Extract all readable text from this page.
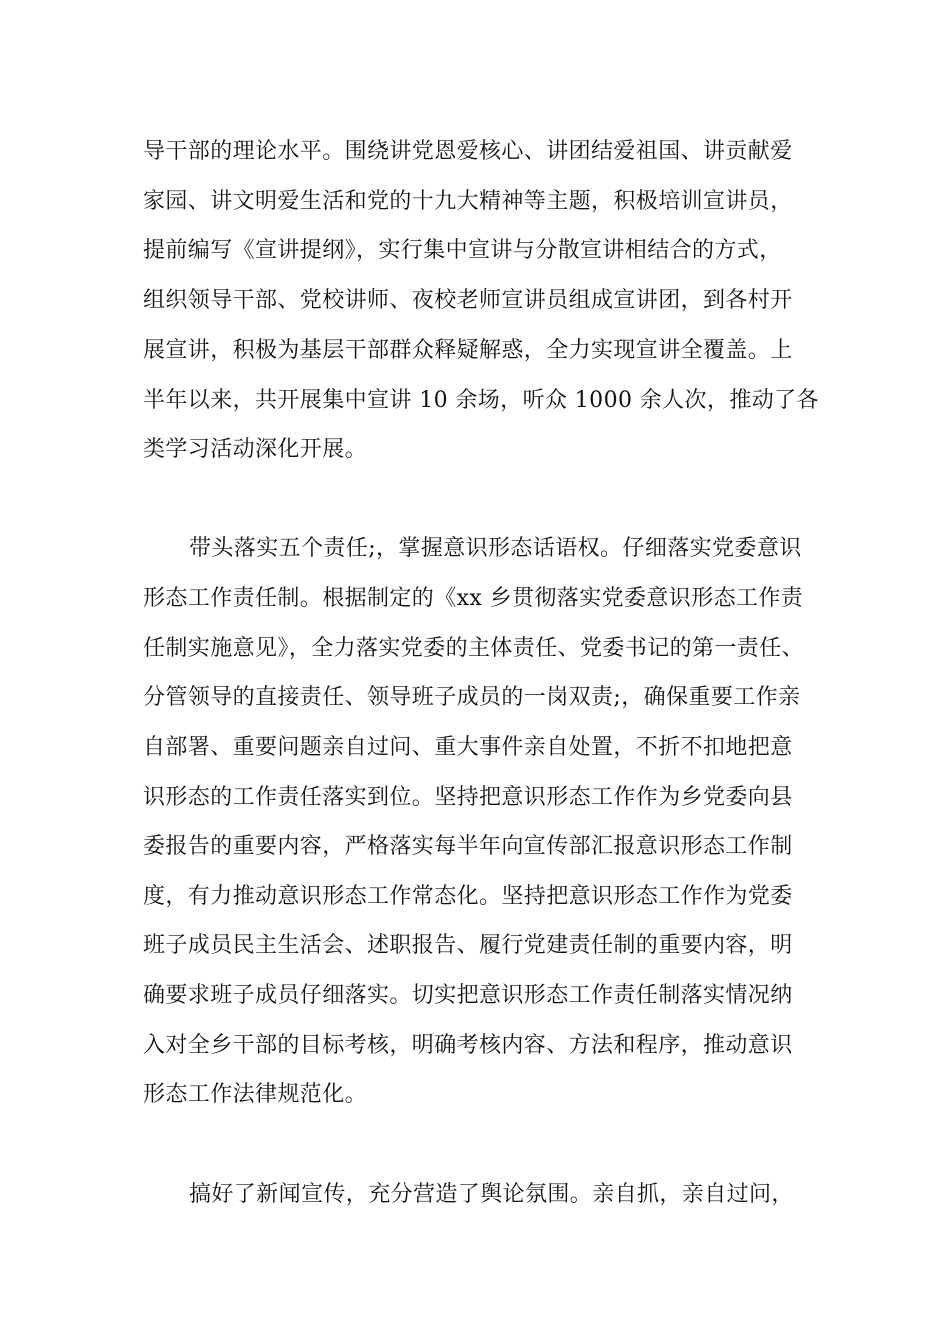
导干部的理论水平。围绕讲党恩爱核心、讲团结爱祖国、讲贡献爱
家园、讲文明爱生活和党的十九大精神等主题，积极培训宣讲员，
提前编写《宣讲提纲》，实行集中宣讲与分散宣讲相结合的方式，
组织领导干部、党校讲师、夜校老师宣讲员组成宣讲团，到各村开
展宣讲，积极为基层干部群众释疑解惑，全力实现宣讲全覆盖。上
半年以来，共开展集中宣讲 10 余场，听众 1000 余人次，推动了各
类学习活动深化开展。
带头落实五个责任;，掌握意识形态话语权。仔细落实党委意识
形态工作责任制。根据制定的《xx 乡贯彻落实党委意识形态工作责
任制实施意见》，全力落实党委的主体责任、党委书记的第一责任、
分管领导的直接责任、领导班子成员的一岗双责;，确保重要工作亲
自部署、重要问题亲自过问、重大事件亲自处置，不折不扣地把意
识形态的工作责任落实到位。坚持把意识形态工作作为乡党委向县
委报告的重要内容，严格落实每半年向宣传部汇报意识形态工作制
度，有力推动意识形态工作常态化。坚持把意识形态工作作为党委
班子成员民主生活会、述职报告、履行党建责任制的重要内容，明
确要求班子成员仔细落实。切实把意识形态工作责任制落实情况纳
入对全乡干部的目标考核，明确考核内容、方法和程序，推动意识
形态工作法律规范化。
搞好了新闻宣传，充分营造了舆论氛围。亲自抓，亲自过问，
